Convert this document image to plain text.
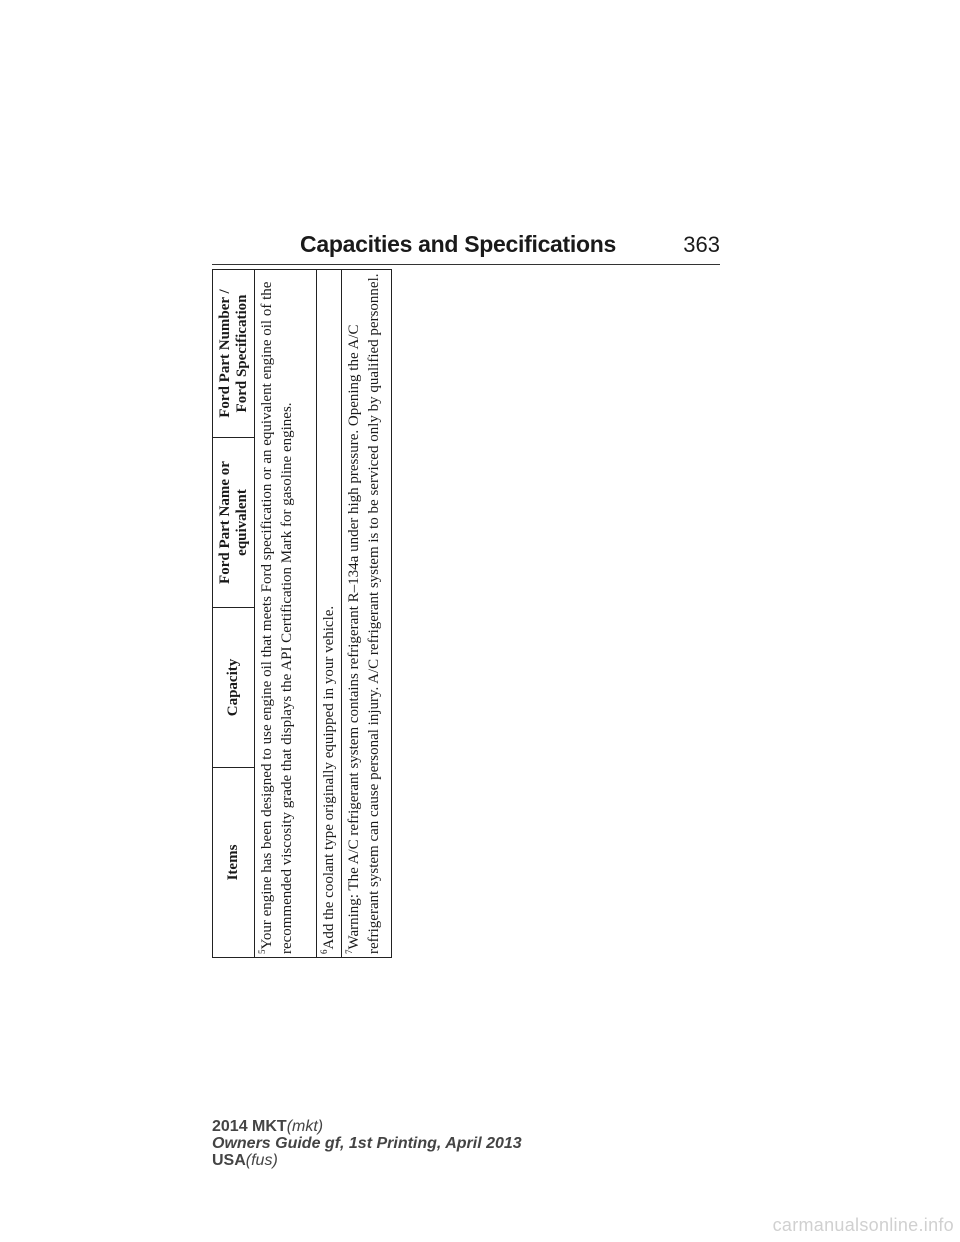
Capacities and Specifications	363
Items	Capacity	Ford Part Name or equivalent	Ford Part Number / Ford Specification
$^5$Your engine has been designed to use engine oil that meets Ford specification or an equivalent engine oil of the recommended viscosity grade that displays the API Certification Mark for gasoline engines.
$^6$Add the coolant type originally equipped in your vehicle.
$^7$Warning: The A/C refrigerant system contains refrigerant R–134a under high pressure. Opening the A/C refrigerant system can cause personal injury. A/C refrigerant system is to be serviced only by qualified personnel.
2014 MKT(mkt)
Owners Guide gf, 1st Printing, April 2013
USA(fus)
carmanualsonline.info
